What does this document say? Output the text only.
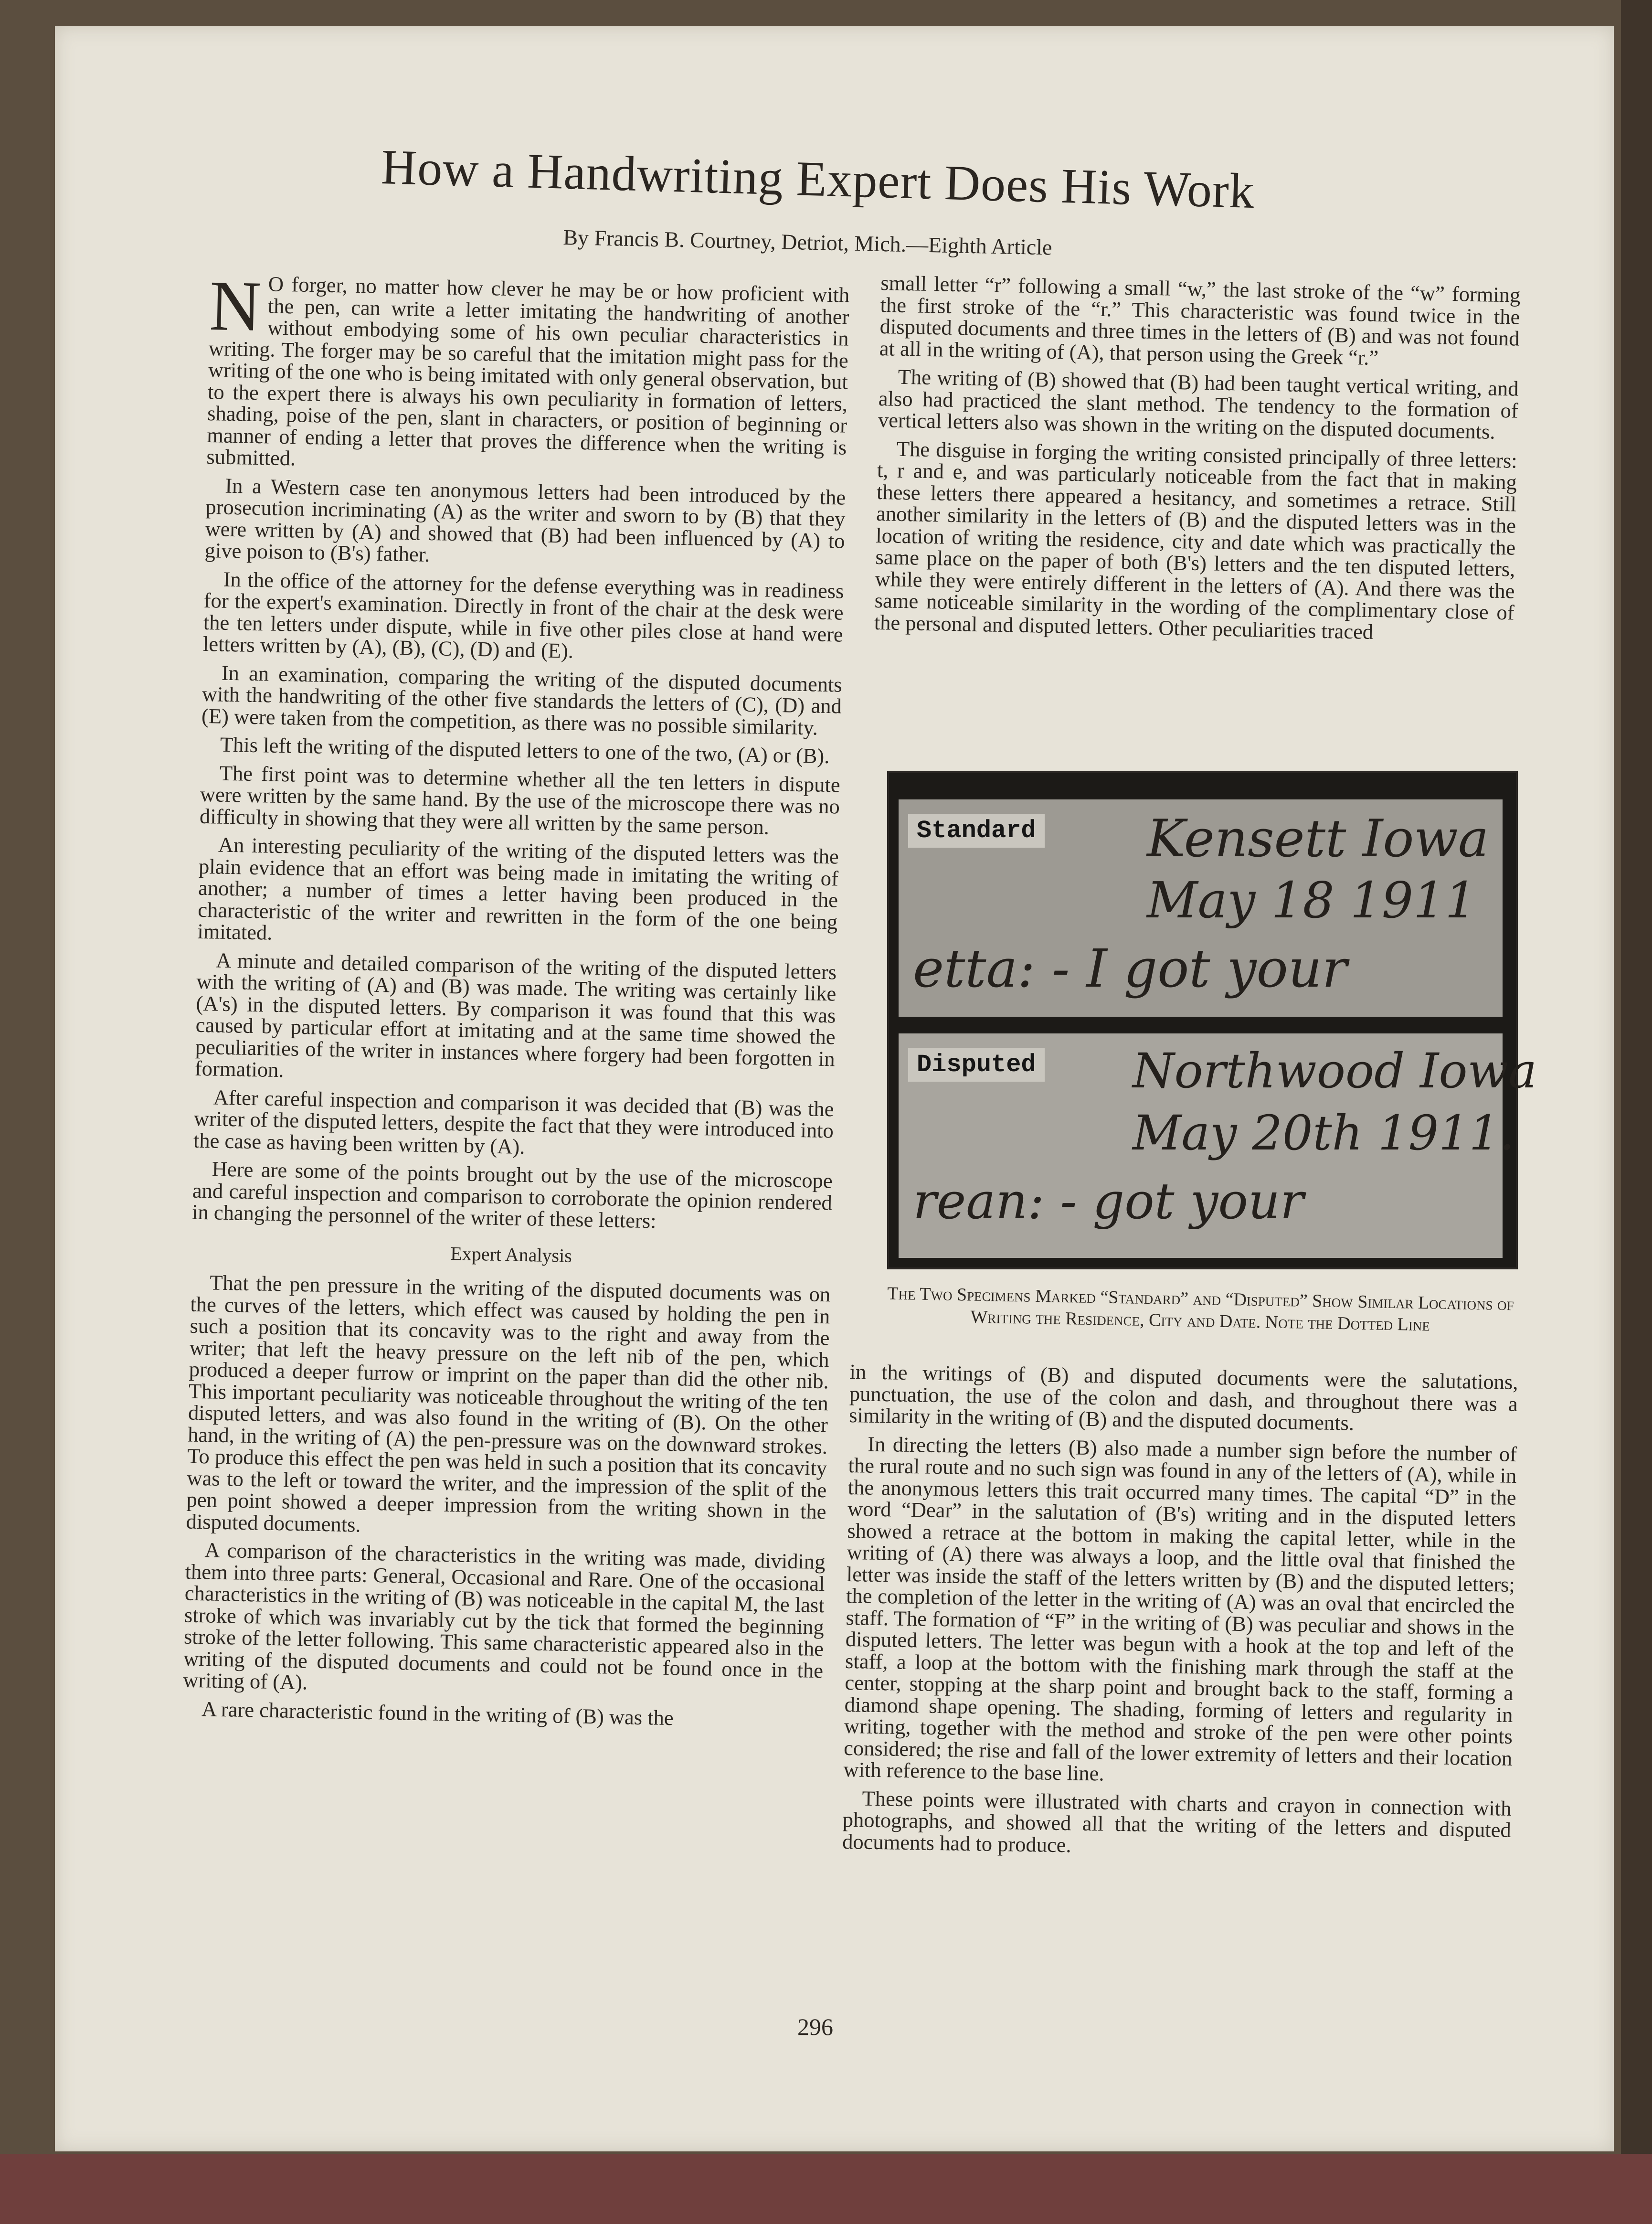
How a Handwriting Expert Does His Work
By Francis B. Courtney, Detriot, Mich.—Eighth Article

N O forger, no matter how clever he may be or how proficient with the pen, can write a letter imitating the handwriting of another without embodying some of his own peculiar characteristics in writing. The forger may be so careful that the imitation might pass for the writing of the one who is being imitated with only general observation, but to the expert there is always his own peculiarity in formation of letters, shading, poise of the pen, slant in characters, or position of beginning or manner of ending a letter that proves the difference when the writing is submitted.

In a Western case ten anonymous letters had been introduced by the prosecution incriminating (A) as the writer and sworn to by (B) that they were written by (A) and showed that (B) had been influenced by (A) to give poison to (B's) father.

In the office of the attorney for the defense everything was in readiness for the expert's examination. Directly in front of the chair at the desk were the ten letters under dispute, while in five other piles close at hand were letters written by (A), (B), (C), (D) and (E).

In an examination, comparing the writing of the disputed documents with the handwriting of the other five standards the letters of (C), (D) and (E) were taken from the competition, as there was no possible similarity.

This left the writing of the disputed letters to one of the two, (A) or (B).

The first point was to determine whether all the ten letters in dispute were written by the same hand. By the use of the microscope there was no difficulty in showing that they were all written by the same person.

An interesting peculiarity of the writing of the disputed letters was the plain evidence that an effort was being made in imitating the writing of another; a number of times a letter having been produced in the characteristic of the writer and rewritten in the form of the one being imitated.

A minute and detailed comparison of the writing of the disputed letters with the writing of (A) and (B) was made. The writing was certainly like (A's) in the disputed letters. By comparison it was found that this was caused by particular effort at imitating and at the same time showed the peculiarities of the writer in instances where forgery had been forgotten in formation.

After careful inspection and comparison it was decided that (B) was the writer of the disputed letters, despite the fact that they were introduced into the case as having been written by (A).

Here are some of the points brought out by the use of the microscope and careful inspection and comparison to corroborate the opinion rendered in changing the personnel of the writer of these letters:

Expert Analysis

That the pen pressure in the writing of the disputed documents was on the curves of the letters, which effect was caused by holding the pen in such a position that its concavity was to the right and away from the writer; that left the heavy pressure on the left nib of the pen, which produced a deeper furrow or imprint on the paper than did the other nib. This important peculiarity was noticeable throughout the writing of the ten disputed letters, and was also found in the writing of (B). On the other hand, in the writing of (A) the pen-pressure was on the downward strokes. To produce this effect the pen was held in such a position that its concavity was to the left or toward the writer, and the impression of the split of the pen point showed a deeper impression from the writing shown in the disputed documents.

A comparison of the characteristics in the writing was made, dividing them into three parts: General, Occasional and Rare. One of the occasional characteristics in the writing of (B) was noticeable in the capital M, the last stroke of which was invariably cut by the tick that formed the beginning stroke of the letter following. This same characteristic appeared also in the writing of the disputed documents and could not be found once in the writing of (A).

A rare characteristic found in the writing of (B) was the

small letter “r” following a small “w,” the last stroke of the “w” forming the first stroke of the “r.” This characteristic was found twice in the disputed documents and three times in the letters of (B) and was not found at all in the writing of (A), that person using the Greek “r.”

The writing of (B) showed that (B) had been taught vertical writing, and also had practiced the slant method. The tendency to the formation of vertical letters also was shown in the writing on the disputed documents.

The disguise in forging the writing consisted principally of three letters: t, r and e, and was particularly noticeable from the fact that in making these letters there appeared a hesitancy, and sometimes a retrace. Still another similarity in the letters of (B) and the disputed letters was in the location of writing the residence, city and date which was practically the same place on the paper of both (B's) letters and the ten disputed letters, while they were entirely different in the letters of (A). And there was the same noticeable similarity in the wording of the complimentary close of the personal and disputed letters. Other peculiarities traced

Standard Kensett Iowa
May 18 1911
etta: - I got your
Disputed Northwood Iowa
May 20th 1911.
rean: - got your
The Two Specimens Marked “Standard” and “Disputed” Show Similar Locations of Writing the Residence, City and Date. Note the Dotted Line

in the writings of (B) and disputed documents were the salutations, punctuation, the use of the colon and dash, and throughout there was a similarity in the writing of (B) and the disputed documents.

In directing the letters (B) also made a number sign before the number of the rural route and no such sign was found in any of the letters of (A), while in the anonymous letters this trait occurred many times. The capital “D” in the word “Dear” in the salutation of (B's) writing and in the disputed letters showed a retrace at the bottom in making the capital letter, while in the writing of (A) there was always a loop, and the little oval that finished the letter was inside the staff of the letters written by (B) and the disputed letters; the completion of the letter in the writing of (A) was an oval that encircled the staff. The formation of “F” in the writing of (B) was peculiar and shows in the disputed letters. The letter was begun with a hook at the top and left of the staff, a loop at the bottom with the finishing mark through the staff at the center, stopping at the sharp point and brought back to the staff, forming a diamond shape opening. The shading, forming of letters and regularity in writing, together with the method and stroke of the pen were other points considered; the rise and fall of the lower extremity of letters and their location with reference to the base line.

These points were illustrated with charts and crayon in connection with photographs, and showed all that the writing of the letters and disputed documents had to produce.

296
